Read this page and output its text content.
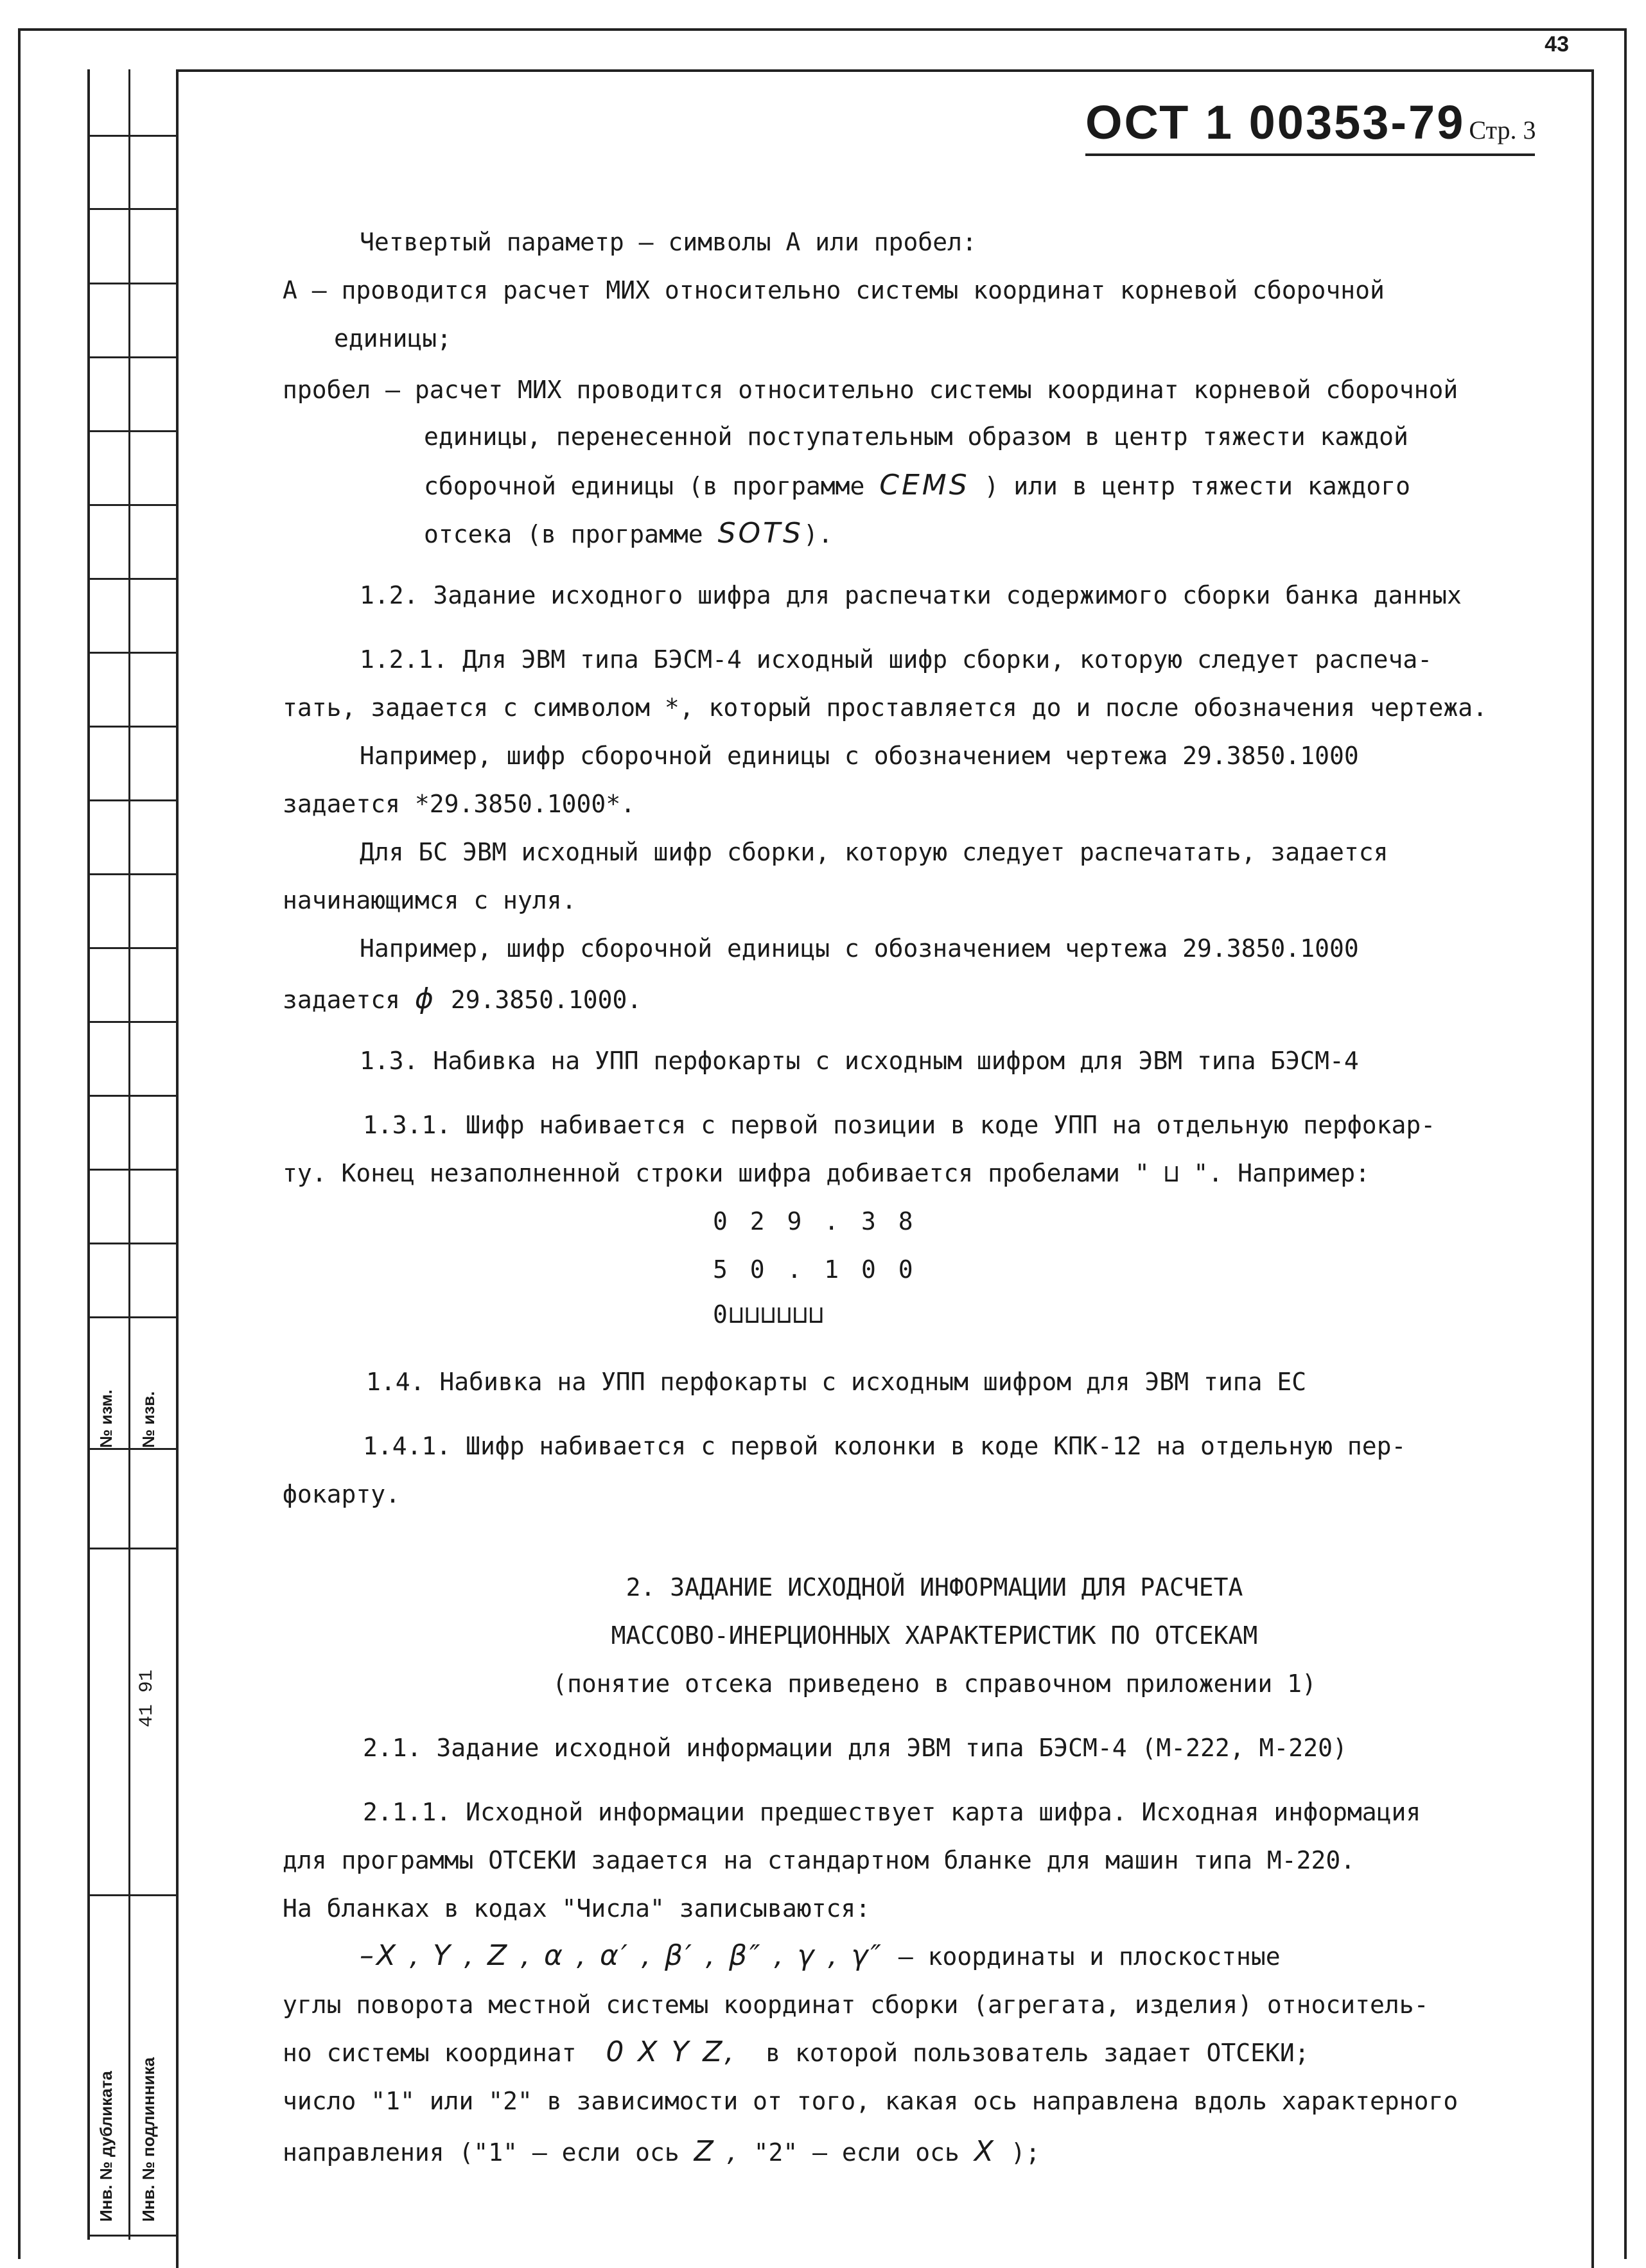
43
№ изм. № изв.
41 91
Инв. № дубликата Инв. № подлинника
ОСТ 1 00353-79 Стр. 3
Четвертый параметр – символы А или пробел:
А – проводится расчет МИХ относительно системы координат корневой сборочной
единицы;
пробел – расчет МИХ проводится относительно системы координат корневой сборочной
единицы, перенесенной поступательным образом в центр тяжести каждой
сборочной единицы (в программе CEMS ) или в центр тяжести каждого
отсека (в программе SOTS).
1.2. Задание исходного шифра для распечатки содержимого сборки банка данных
1.2.1. Для ЭВМ типа БЭСМ-4 исходный шифр сборки, которую следует распеча-
тать, задается с символом *, который проставляется до и после обозначения чертежа.
Например, шифр сборочной единицы с обозначением чертежа 29.3850.1000
задается *29.3850.1000*.
Для БС ЭВМ исходный шифр сборки, которую следует распечатать, задается
начинающимся с нуля.
Например, шифр сборочной единицы с обозначением чертежа 29.3850.1000
задается ϕ 29.3850.1000.
1.3. Набивка на УПП перфокарты с исходным шифром для ЭВМ типа БЭСМ-4
1.3.1. Шифр набивается с первой позиции в коде УПП на отдельную перфокар-
ту. Конец незаполненной строки шифра добивается пробелами " ⊔ ". Например:
0 2 9 . 3 8
5 0 . 1 0 0
0⊔⊔⊔⊔⊔⊔
1.4. Набивка на УПП перфокарты с исходным шифром для ЭВМ типа ЕС
1.4.1. Шифр набивается с первой колонки в коде КПК-12 на отдельную пер-
фокарту.
2. ЗАДАНИЕ ИСХОДНОЙ ИНФОРМАЦИИ ДЛЯ РАСЧЕТА
МАССОВО-ИНЕРЦИОННЫХ ХАРАКТЕРИСТИК ПО ОТСЕКАМ
(понятие отсека приведено в справочном приложении 1)
2.1. Задание исходной информации для ЭВМ типа БЭСМ-4 (М-222, М-220)
2.1.1. Исходной информации предшествует карта шифра. Исходная информация
для программы ОТСЕКИ задается на стандартном бланке для машин типа М-220.
На бланках в кодах "Числа" записываются:
–X , Y , Z , α , α′ , β′ , β″ , γ , γ″ – координаты и плоскостные
углы поворота местной системы координат сборки (агрегата, изделия) относитель-
но системы координат 0 X Y Z, в которой пользователь задает ОТСЕКИ;
число "1" или "2" в зависимости от того, какая ось направлена вдоль характерного
направления ("1" – если ось Z , "2" – если ось X );
